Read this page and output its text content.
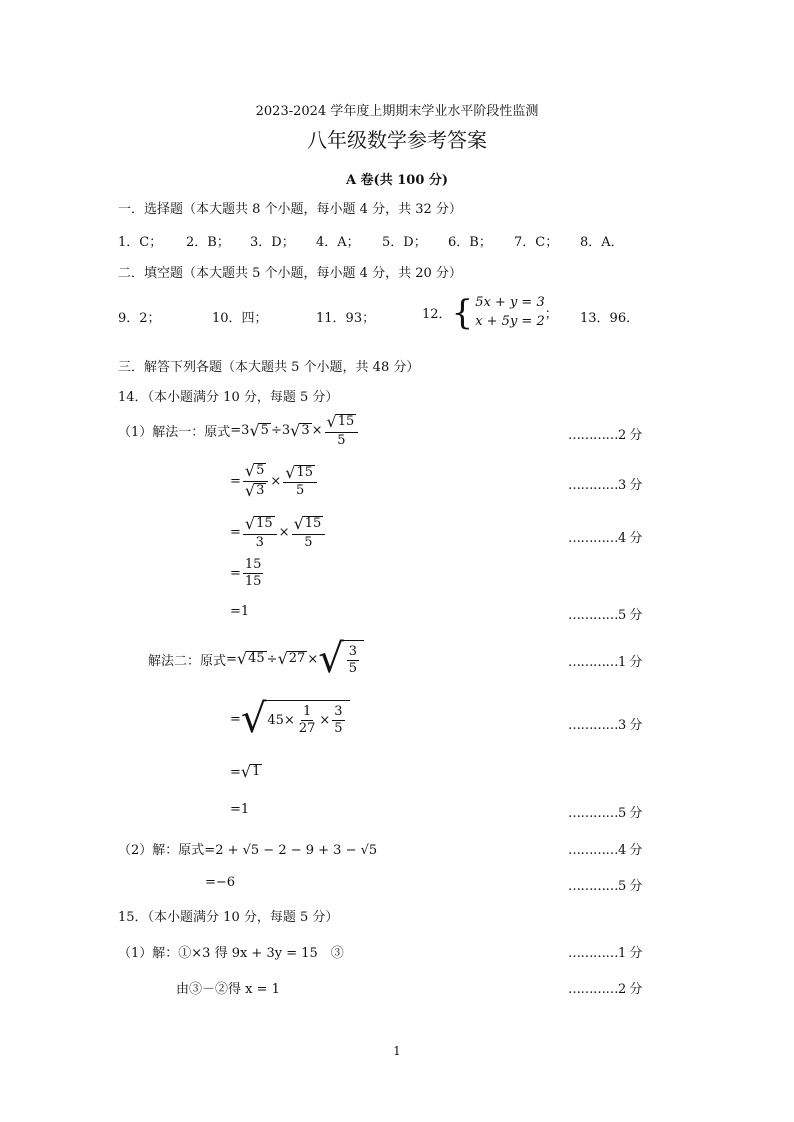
2023-2024 学年度上期期末学业水平阶段性监测
八年级数学参考答案
A 卷(共 100 分)
一．选择题（本大题共 8 个小题，每小题 4 分，共 32 分）
1．C； 2．B； 3．D； 4．A； 5．D； 6．B； 7．C； 8．A．
二．填空题（本大题共 5 个小题，每小题 4 分，共 20 分）
9．2；	10．四；	11．93；	12． { 5x + y = 3
x + 5y = 2 ； 13．96．
三．解答下列各题（本大题共 5 个小题，共 48 分）
14．（本小题满分 10 分，每题 5 分）
（1）解法一：原式 =3 √ 5 ÷3 √ $3 \times \frac{√ 15}{5}$	…………2 分
= $\frac{√ 5}{√ 3} \times \frac{√ 15}{5}$	…………3 分
= $\frac{√ 15}{3} \times \frac{√ 15}{5}$	…………4 分
= $\frac{15}{15}$
=1	…………5 分
解法二：原式 = √ 45 ÷ √ 27 × √ $\frac{3}{5}$	…………1 分
= √ $45\times \frac{1}{27} \times \frac{3}{5}$	…………3 分
= √ 1
=1	…………5 分
（2）解：原式=2 + √5 − 2 − 9 + 3 − √5	…………4 分
=−6	…………5 分
15．（本小题满分 10 分，每题 5 分）
（1）解：①×3 得 9x + 3y = 15　③	…………1 分
由③－②得 x = 1	…………2 分
1
